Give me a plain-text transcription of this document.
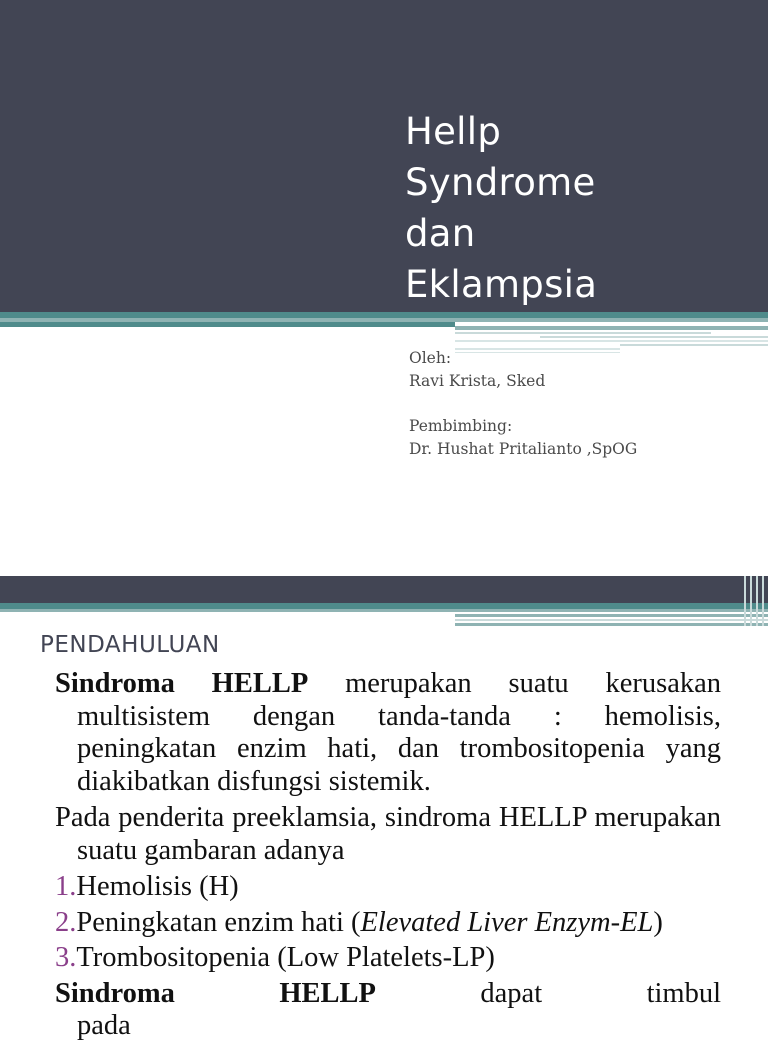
Hellp
Syndrome
dan
Eklampsia
Oleh:
Ravi Krista, Sked
Pembimbing:
Dr. Hushat Pritalianto ,SpOG
PENDAHULUAN
Sindroma HELLP merupakan suatu kerusakan multisistem dengan tanda-tanda : hemolisis, peningkatan enzim hati, dan trombositopenia yang diakibatkan disfungsi sistemik.
Pada penderita preeklamsia, sindroma HELLP merupakan suatu gambaran adanya
1.Hemolisis (H)
2.Peningkatan enzim hati (Elevated Liver Enzym-EL)
3.Trombositopenia (Low Platelets-LP)
Sindroma HELLP dapat timbul pada
